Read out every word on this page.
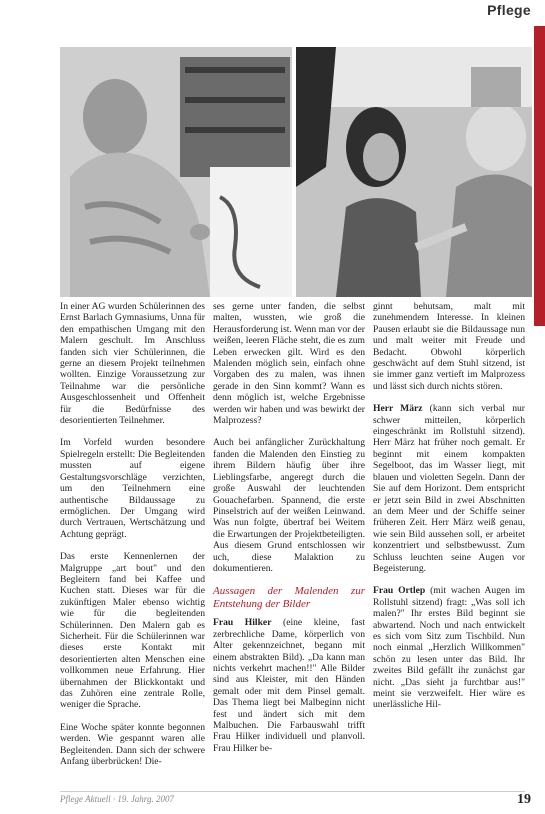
Pflege

In einer AG wurden Schülerinnen des Ernst Barlach Gymnasiums, Unna für den empathischen Umgang mit den Malern geschult. Im Anschluss fanden sich vier Schülerinnen, die gerne an diesem Projekt teilnehmen wollten. Einzige Voraussetzung zur Teilnahme war die persönliche Ausgeschlossenheit und Offenheit für die Bedürfnisse des desorientierten Teilnehmer.

Im Vorfeld wurden besondere Spielregeln erstellt: Die Begleitenden mussten auf eigene Gestaltungsvorschläge verzichten, um den Teilnehmern eine authentische Bildaussage zu ermöglichen. Der Umgang wird durch Vertrauen, Wertschätzung und Achtung geprägt.

Das erste Kennenlernen der Malgruppe „art bout" und den Begleitern fand bei Kaffee und Kuchen statt. Dieses war für die zukünftigen Maler ebenso wichtig wie für die begleitenden Schülerinnen. Den Malern gab es Sicherheit. Für die Schülerinnen war dieses erste Kontakt mit desorientierten alten Menschen eine vollkommen neue Erfahrung. Hier übernahmen der Blickkontakt und das Zuhören eine zentrale Rolle, weniger die Sprache.

Eine Woche später konnte begonnen werden. Wie gespannt waren alle Begleitenden. Dann sich der schwere Anfang überbrücken! Die-

ses gerne unter fanden, die selbst malten, wussten, wie groß die Herausforderung ist. Wenn man vor der weißen, leeren Fläche steht, die es zum Leben erwecken gilt. Wird es den Malenden möglich sein, einfach ohne Vorgaben des zu malen, was ihnen gerade in den Sinn kommt? Wann es denn möglich ist, welche Ergebnisse werden wir haben und was bewirkt der Malprozess?

Auch bei anfänglicher Zurückhaltung fanden die Malenden den Einstieg zu ihrem Bildern häufig über ihre Lieblingsfarbe, angeregt durch die große Auswahl der leuchtenden Gouachefarben. Spannend, die erste Pinselstrich auf der weißen Leinwand. Was nun folgte, übertraf bei Weitem die Erwartungen der Projektbeteiligten. Aus diesem Grund entschlossen wir uch, diese Malaktion zu dokumentieren.

Aussagen der Malenden zur Entstehung der Bilder

Frau Hilker (eine kleine, fast zerbrechliche Dame, körperlich von Alter gekennzeichnet, begann mit einem abstrakten Bild). „Da kann man nichts verkehrt machen!!" Alle Bilder sind aus Kleister, mit den Händen gemalt oder mit dem Pinsel gemalt. Das Thema liegt bei Malbeginn nicht fest und ändert sich mit dem Malbuchen. Die Farbauswahl trifft Frau Hilker individuell und planvoll. Frau Hilker be-

ginnt behutsam, malt mit zunehmendem Interesse. In kleinen Pausen erlaubt sie die Bildaussage nun und malt weiter mit Freude und Bedacht. Obwohl körperlich geschwächt auf dem Stuhl sitzend, ist sie immer ganz vertieft im Malprozess und lässt sich durch nichts stören.

Herr März (kann sich verbal nur schwer mitteilen, körperlich eingeschränkt im Rollstuhl sitzend). Herr März hat früher noch gemalt. Er beginnt mit einem kompakten Segelboot, das im Wasser liegt, mit blauen und violetten Segeln. Dann der Sie auf dem Horizont. Dem entspricht er jetzt sein Bild in zwei Abschnitten an dem Meer und der Schiffe seiner früheren Zeit. Herr März weiß genau, wie sein Bild aussehen soll, er arbeitet konzentriert und selbstbewusst. Zum Schluss leuchten seine Augen vor Begeisterung.

Frau Ortlep (mit wachen Augen im Rollstuhl sitzend) fragt: „Was soll ich malen?" Ihr erstes Bild beginnt sie abwartend. Noch und nach entwickelt es sich vom Sitz zum Tischbild. Nun noch einmal „Herzlich Willkommen" schön zu lesen unter das Bild. Ihr zweites Bild gefällt ihr zunächst gar nicht. „Das sieht ja furchtbar aus!" meint sie verzweifelt. Hier wäre es unerlässliche Hil-

Pflege Aktuell · 19. Jahrg. 2007	19
